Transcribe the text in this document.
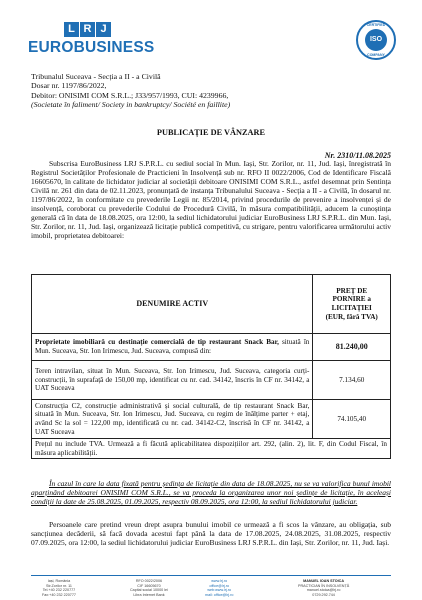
L R J
EUROBUSINESS
CERTIFIED
ISO
COMPANY
Tribunalul Suceava - Secția a II - a Civilă
Dosar nr. 1197/86/2022,
Debitor: ONISIMI COM S.R.L.; J33/957/1993, CUI: 4239966,
(Societate în faliment/ Society in bankruptcy/ Société en faillite)
PUBLICAȚIE DE VÂNZARE
Nr. 2310/11.08.2025
Subscrisa EuroBusiness LRJ S.P.R.L. cu sediul social în Mun. Iași, Str. Zorilor, nr. 11, Jud. Iași, înregistrată în Registrul Societăților Profesionale de Practicieni în Insolvență sub nr. RFO II 0022/2006, Cod de Identificare Fiscală 16605670, în calitate de lichidator judiciar al societății debitoare ONISIMI COM S.R.L., astfel desemnat prin Sentința Civilă nr. 261 din data de 02.11.2023, pronunțată de instanța Tribunalului Suceava - Secția a II - a Civilă, în dosarul nr. 1197/86/2022, în conformitate cu prevederile Legii nr. 85/2014, privind procedurile de prevenire a insolvenței și de insolvență, coroborat cu prevederile Codului de Procedură Civilă, în măsura compatibilității, aducem la cunoștința generală că în data de 18.08.2025, ora 12:00, la sediul lichidatorului judiciar EuroBusiness LRJ S.P.R.L. din Mun. Iași, Str. Zorilor, nr. 11, Jud. Iași, organizează licitație publică competitivă, cu strigare, pentru valorificarea următorului activ imobil, proprietatea debitoarei:
DENUMIRE ACTIV	PREȚ DE
PORNIRE a
LICITAȚIEI
(EUR, fără TVA)

Proprietate imobiliară cu destinație comercială de tip restaurant Snack Bar, situată în Mun. Suceava, Str. Ion Irimescu, Jud. Suceava, compusă din:	81.240,00
Teren intravilan, situat în Mun. Suceava, Str. Ion Irimescu, Jud. Suceava, categoria curți-construcții, în suprafață de 150,00 mp, identificat cu nr. cad. 34142, înscris în CF nr. 34142, a UAT Suceava	7.134,60
Construcția C2, construcție administrativă și social culturală, de tip restaurant Snack Bar, situată în Mun. Suceava, Str. Ion Irimescu, Jud. Suceava, cu regim de înălțime parter + etaj, având Sc la sol = 122,00 mp, identificată cu nr. cad. 34142-C2, înscrisă în CF nr. 34142, a UAT Suceava	74.105,40
Prețul nu include TVA. Urmează a fi făcută aplicabilitatea dispozițiilor art. 292, (alin. 2), lit. F, din Codul Fiscal, în măsura aplicabilității.	
În cazul în care la data fixată pentru ședința de licitație din data de 18.08.2025, nu se va valorifica bunul imobil aparținând debitoarei ONISIMI COM S.R.L., se va proceda la organizarea unor noi ședințe de licitație, în aceleași condiții la date de 25.08.2025, 01.09.2025, respectiv 08.09.2025, ora 12:00, la sediul lichidatorului judiciar.
Persoanele care pretind vreun drept asupra bunului imobil ce urmează a fi scos la vânzare, au obligația, sub sancțiunea decăderii, să facă dovada acestui fapt până la data de 17.08.2025, 24.08.2025, 31.08.2025, respectiv 07.09.2025, ora 12:00, la sediul lichidatorului judiciar EuroBusiness LRJ S.P.R.L. din Iași, Str. Zorilor, nr. 11, Jud. Iași.
Iași, România
Str.Zorilor nr. 11
Tel.+40 232 220777
Fax:+40 232 220777
RFO 0022/2006
CIF 16605670
Capital social 10000 lei
Libra Internet Bank
www.lrj.ro
office@lrj.ro
web:www.lrj.ro
mail: office@lrj.ro
MANUEL IOAN STOICA
PRACTICIAN ÎN INSOLVENȚĂ
manuel.stoica@lrj.ro
0729.292.744
